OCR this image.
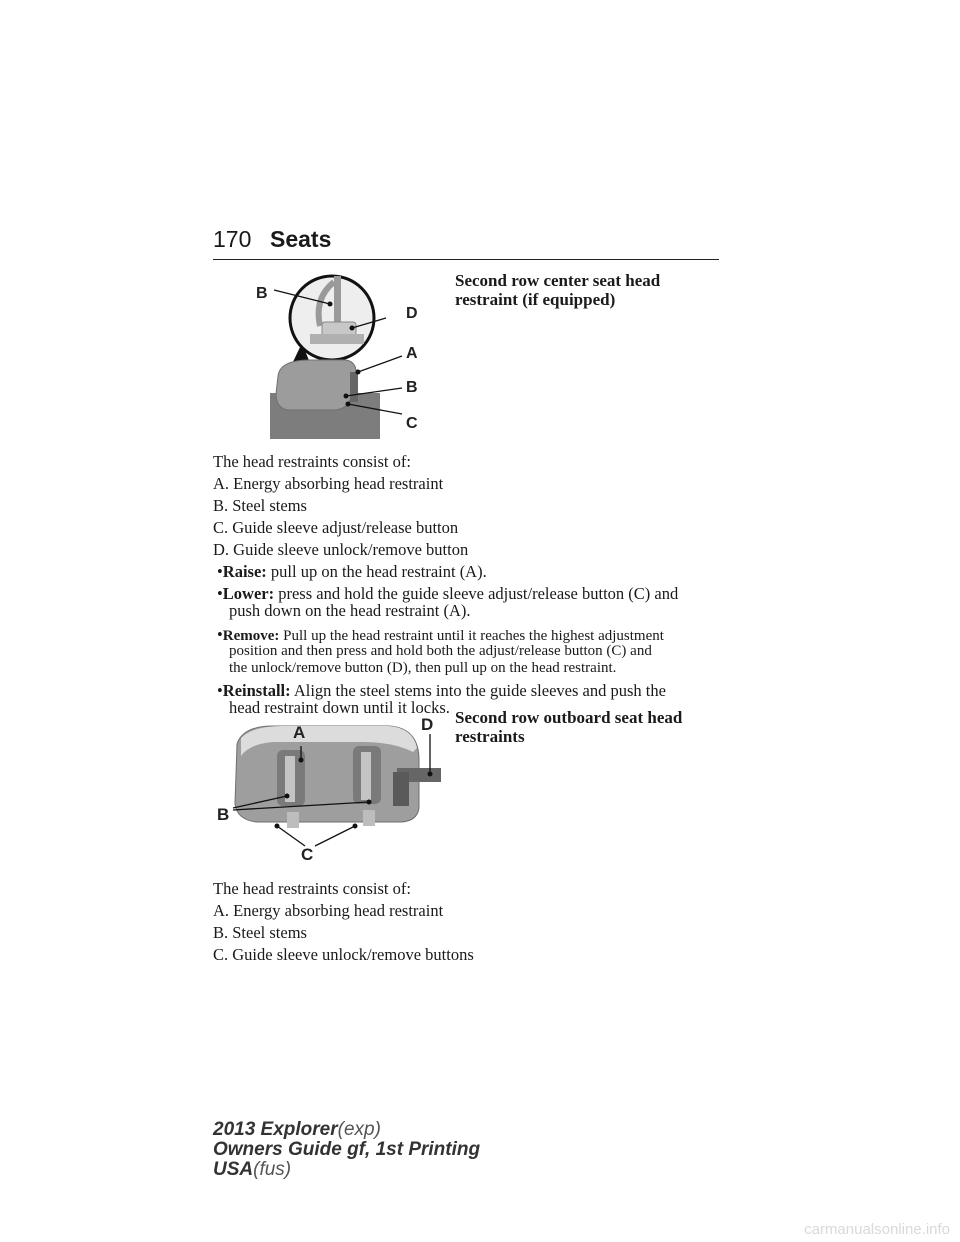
170 Seats
B
D
A
B
C
Second row center seat head
restraint (if equipped)
The head restraints consist of:
A. Energy absorbing head restraint
B. Steel stems
C. Guide sleeve adjust/release button
D. Guide sleeve unlock/remove button
•Raise: pull up on the head restraint (A).
•Lower: press and hold the guide sleeve adjust/release button (C) and
push down on the head restraint (A).
•Remove: Pull up the head restraint until it reaches the highest adjustment
position and then press and hold both the adjust/release button (C) and
the unlock/remove button (D), then pull up on the head restraint.
•Reinstall: Align the steel stems into the guide sleeves and push the
head restraint down until it locks.
A	D
B
C
Second row outboard seat head
restraints
The head restraints consist of:
A. Energy absorbing head restraint
B. Steel stems
C. Guide sleeve unlock/remove buttons
2013 Explorer(exp)
Owners Guide gf, 1st Printing
USA(fus)
carmanualsonline.info
